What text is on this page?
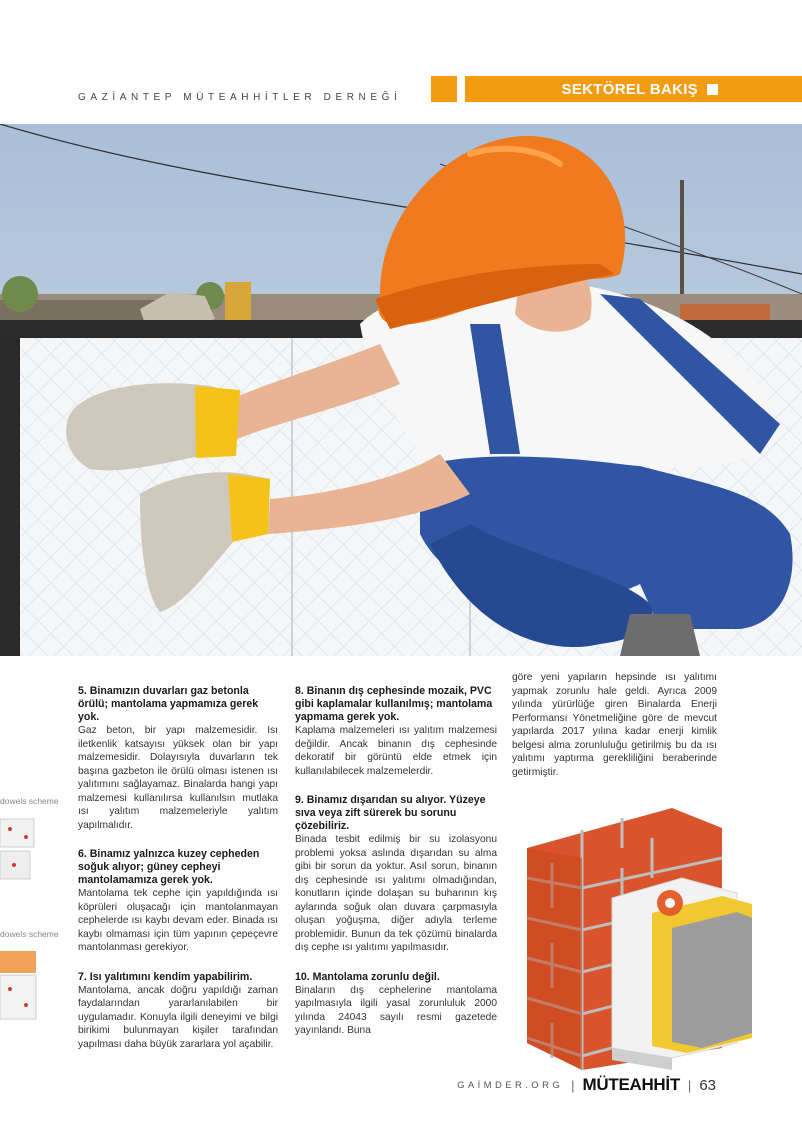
GAZİANTEP MÜTEAHHİTLER DERNEĞİ	SEKTÖREL BAKIŞ
dowels scheme
dowels scheme
5. Binamızın duvarları gaz betonla örülü; mantolama yapmamıza gerek yok.

Gaz beton, bir yapı malzemesidir. Isı iletkenlik katsayısı yüksek olan bir yapı malzemesidir. Dolayısıyla duvarların tek başına gazbeton ile örülü olması istenen ısı yalıtımını sağlayamaz. Binalarda hangi yapı malzemesi kullanılırsa kullanılsın mutlaka ısı yalıtım malzemeleriyle yalıtım yapılmalıdır.

6. Binamız yalnızca kuzey cepheden soğuk alıyor; güney cepheyi mantolamamıza gerek yok.

Mantolama tek cephe için yapıldığında ısı köprüleri oluşacağı için mantolanmayan cephelerde ısı kaybı devam eder. Binada ısı kaybı olmaması için tüm yapının çepeçevre mantolanması gerekiyor.

7. Isı yalıtımını kendim yapabilirim.

Mantolama, ancak doğru yapıldığı zaman faydalarından yararlanılabilen bir uygulamadır. Konuyla ilgili deneyimi ve bilgi birikimi bulunmayan kişiler tarafından yapılması daha büyük zararlara yol açabilir.

8. Binanın dış cephesinde mozaik, PVC gibi kaplamalar kullanılmış; mantolama yapmama gerek yok.

Kaplama malzemeleri ısı yalıtım malzemesi değildir. Ancak binanın dış cephesinde dekoratif bir görüntü elde etmek için kullanılabilecek malzemelerdir.

9. Binamız dışarıdan su alıyor. Yüzeye sıva veya zift sürerek bu sorunu çözebiliriz.

Binada tesbit edilmiş bir su izolasyonu problemi yoksa aslında dışarıdan su alma gibi bir sorun da yoktur. Asıl sorun, binanın dış cephesinde ısı yalıtımı olmadığından, konutların içinde dolaşan su buharının kış aylarında soğuk olan duvara çarpmasıyla oluşan yoğuşma, diğer adıyla terleme problemidir. Bunun da tek çözümü binalarda dış cephe ısı yalıtımı yapılmasıdır.

10. Mantolama zorunlu değil.

Binaların dış cephelerine mantolama yapılmasıyla ilgili yasal zorunluluk 2000 yılında 24043 sayılı resmi gazetede yayınlandı. Buna

göre yeni yapıların hepsinde ısı yalıtımı yapmak zorunlu hale geldi. Ayrıca 2009 yılında yürürlüğe giren Binalarda Enerji Performansı Yönetmeliğine göre de mevcut yapılarda 2017 yılına kadar enerji kimlik belgesi alma zorunluluğu getirilmiş bu da ısı yalıtımı yaptırma gerekliliğini beraberinde getirmiştir.

GAİMDER.ORG | MÜTEAHHİT | 63
